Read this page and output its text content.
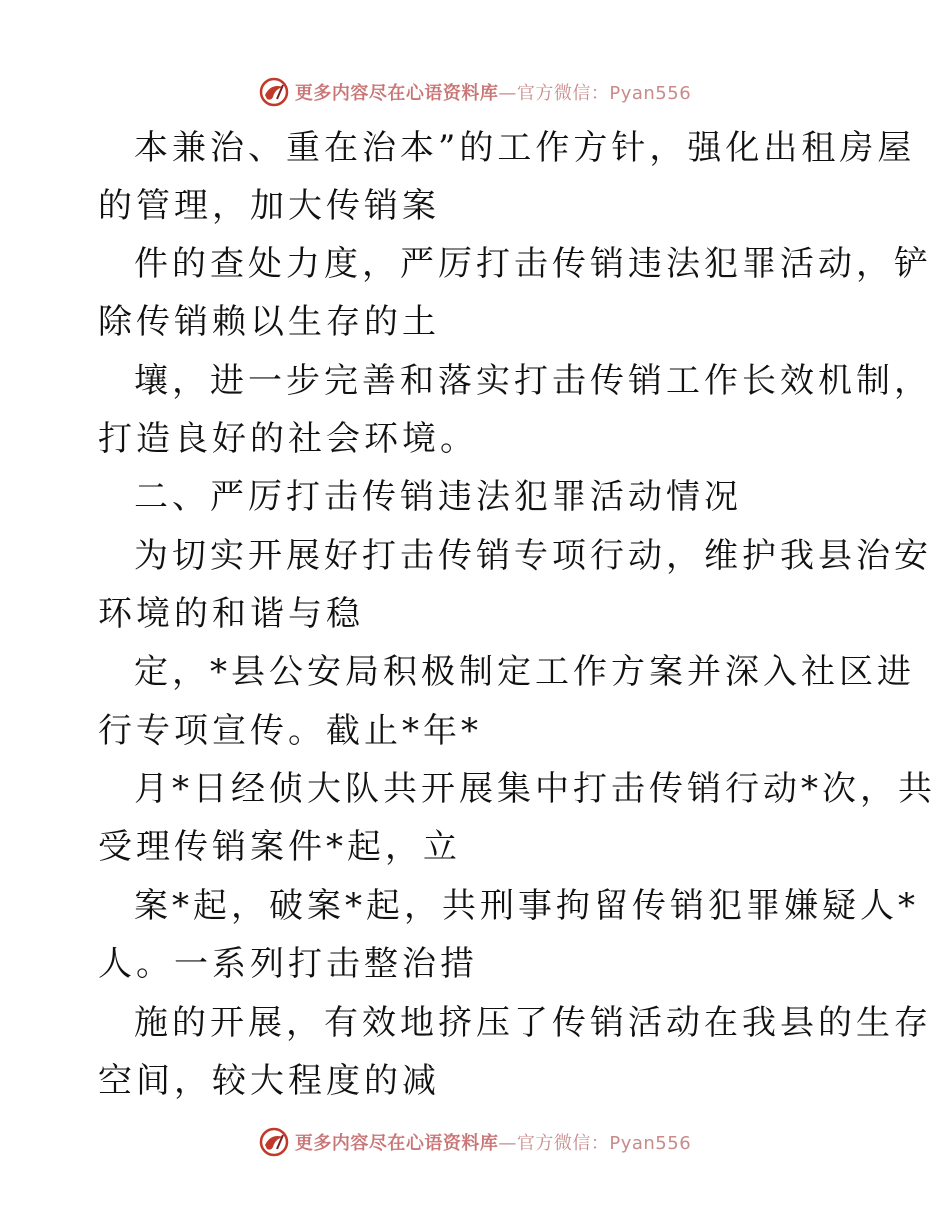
更多内容尽在心语资料库—官方微信：Pyan556
本兼治、重在治本”的工作方针，强化出租房屋
的管理，加大传销案
件的查处力度，严厉打击传销违法犯罪活动，铲
除传销赖以生存的土
壤，进一步完善和落实打击传销工作长效机制，
打造良好的社会环境。
二、严厉打击传销违法犯罪活动情况
为切实开展好打击传销专项行动，维护我县治安
环境的和谐与稳
定，*县公安局积极制定工作方案并深入社区进
行专项宣传。截止*年*
月*日经侦大队共开展集中打击传销行动*次，共
受理传销案件*起，立
案*起，破案*起，共刑事拘留传销犯罪嫌疑人*
人。一系列打击整治措
施的开展，有效地挤压了传销活动在我县的生存
空间，较大程度的减
更多内容尽在心语资料库—官方微信：Pyan556
